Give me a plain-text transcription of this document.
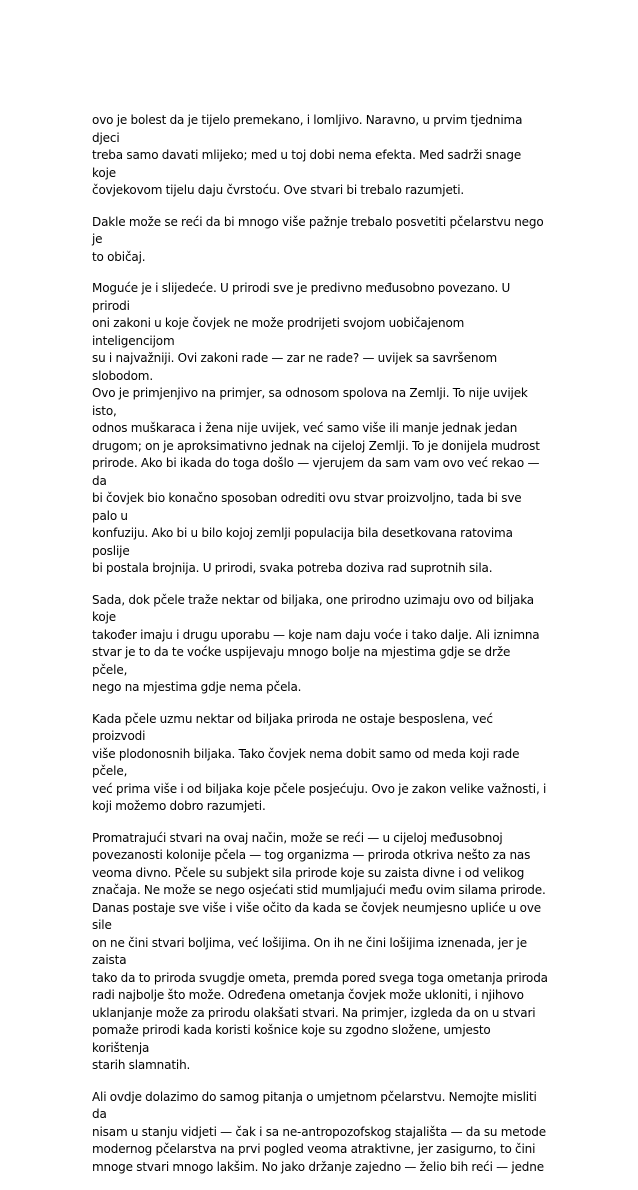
ovo je bolest da je tijelo premekano, i lomljivo. Naravno, u prvim tjednima djeci
treba samo davati mlijeko; med u toj dobi nema efekta. Med sadrži snage koje
čovjekovom tijelu daju čvrstoću. Ove stvari bi trebalo razumjeti.

Dakle može se reći da bi mnogo više pažnje trebalo posvetiti pčelarstvu nego je
to običaj.

Moguće je i slijedeće. U prirodi sve je predivno međusobno povezano. U prirodi
oni zakoni u koje čovjek ne može prodrijeti svojom uobičajenom inteligencijom
su i najvažniji. Ovi zakoni rade — zar ne rade? — uvijek sa savršenom slobodom.
Ovo je primjenjivo na primjer, sa odnosom spolova na Zemlji. To nije uvijek isto,
odnos muškaraca i žena nije uvijek, već samo više ili manje jednak jedan
drugom; on je aproksimativno jednak na cijeloj Zemlji. To je donijela mudrost
prirode. Ako bi ikada do toga došlo — vjerujem da sam vam ovo već rekao — da
bi čovjek bio konačno sposoban odrediti ovu stvar proizvoljno, tada bi sve palo u
konfuziju. Ako bi u bilo kojoj zemlji populacija bila desetkovana ratovima poslije
bi postala brojnija. U prirodi, svaka potreba doziva rad suprotnih sila.

Sada, dok pčele traže nektar od biljaka, one prirodno uzimaju ovo od biljaka koje
također imaju i drugu uporabu — koje nam daju voće i tako dalje. Ali iznimna
stvar je to da te voćke uspijevaju mnogo bolje na mjestima gdje se drže pčele,
nego na mjestima gdje nema pčela.

Kada pčele uzmu nektar od biljaka priroda ne ostaje besposlena, već proizvodi
više plodonosnih biljaka. Tako čovjek nema dobit samo od meda koji rade pčele,
već prima više i od biljaka koje pčele posjećuju. Ovo je zakon velike važnosti, i
koji možemo dobro razumjeti.

Promatrajući stvari na ovaj način, može se reći — u cijeloj međusobnoj
povezanosti kolonije pčela — tog organizma — priroda otkriva nešto za nas
veoma divno. Pčele su subjekt sila prirode koje su zaista divne i od velikog
značaja. Ne može se nego osjećati stid mumljajući među ovim silama prirode.
Danas postaje sve više i više očito da kada se čovjek neumjesno upliće u ove sile
on ne čini stvari boljima, već lošijima. On ih ne čini lošijima iznenada, jer je zaista
tako da to priroda svugdje ometa, premda pored svega toga ometanja priroda
radi najbolje što može. Određena ometanja čovjek može ukloniti, i njihovo
uklanjanje može za prirodu olakšati stvari. Na primjer, izgleda da on u stvari
pomaže prirodi kada koristi košnice koje su zgodno složene, umjesto korištenja
starih slamnatih.

Ali ovdje dolazimo do samog pitanja o umjetnom pčelarstvu. Nemojte misliti da
nisam u stanju vidjeti — čak i sa ne-antropozofskog stajališta — da su metode
modernog pčelarstva na prvi pogled veoma atraktivne, jer zasigurno, to čini
mnoge stvari mnogo lakšim. No jako držanje zajedno — želio bih reći — jedne
